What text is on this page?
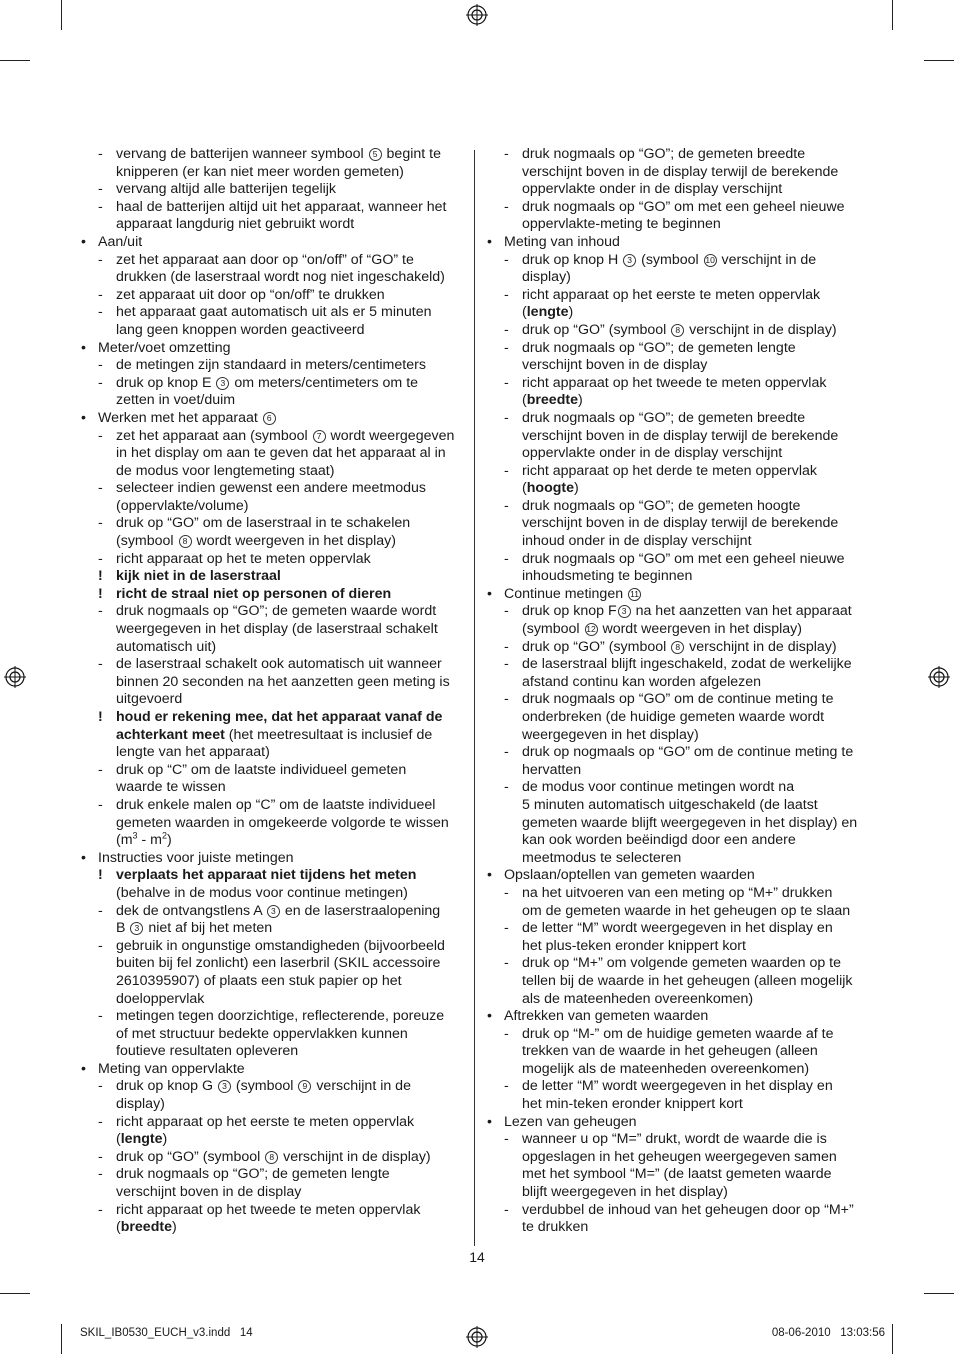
- vervang de batterijen wanneer symbool 5 begint te
knipperen (er kan niet meer worden gemeten)
- vervang altijd alle batterijen tegelijk
- haal de batterijen altijd uit het apparaat, wanneer het
apparaat langdurig niet gebruikt wordt
• Aan/uit
- zet het apparaat aan door op “on/off” of “GO” te
drukken (de laserstraal wordt nog niet ingeschakeld)
- zet apparaat uit door op “on/off” te drukken
- het apparaat gaat automatisch uit als er 5 minuten
lang geen knoppen worden geactiveerd
• Meter/voet omzetting
- de metingen zijn standaard in meters/centimeters
- druk op knop E 3 om meters/centimeters om te
zetten in voet/duim
• Werken met het apparaat 6
- zet het apparaat aan (symbool 7 wordt weergegeven
in het display om aan te geven dat het apparaat al in
de modus voor lengtemeting staat)
- selecteer indien gewenst een andere meetmodus
(oppervlakte/volume)
- druk op “GO” om de laserstraal in te schakelen
(symbool 8 wordt weergeven in het display)
- richt apparaat op het te meten oppervlak
! kijk niet in de laserstraal
! richt de straal niet op personen of dieren
- druk nogmaals op “GO”; de gemeten waarde wordt
weergegeven in het display (de laserstraal schakelt
automatisch uit)
- de laserstraal schakelt ook automatisch uit wanneer
binnen 20 seconden na het aanzetten geen meting is
uitgevoerd
! houd er rekening mee, dat het apparaat vanaf de
achterkant meet (het meetresultaat is inclusief de
lengte van het apparaat)
- druk op “C” om de laatste individueel gemeten
waarde te wissen
- druk enkele malen op “C” om de laatste individueel
gemeten waarden in omgekeerde volgorde te wissen
$(m^3 - m^2)$
• Instructies voor juiste metingen
! verplaats het apparaat niet tijdens het meten
(behalve in de modus voor continue metingen)
- dek de ontvangstlens A 3 en de laserstraalopening
B 3 niet af bij het meten
- gebruik in ongunstige omstandigheden (bijvoorbeeld
buiten bij fel zonlicht) een laserbril (SKIL accessoire
2610395907) of plaats een stuk papier op het
doeloppervlak
- metingen tegen doorzichtige, reflecterende, poreuze
of met structuur bedekte oppervlakken kunnen
foutieve resultaten opleveren
• Meting van oppervlakte
- druk op knop G 3 (symbool 9 verschijnt in de
display)
- richt apparaat op het eerste te meten oppervlak
(lengte)
- druk op “GO” (symbool 8 verschijnt in de display)
- druk nogmaals op “GO”; de gemeten lengte
verschijnt boven in de display
- richt apparaat op het tweede te meten oppervlak
(breedte)
- druk nogmaals op “GO”; de gemeten breedte
verschijnt boven in de display terwijl de berekende
oppervlakte onder in de display verschijnt
- druk nogmaals op “GO” om met een geheel nieuwe
oppervlakte-meting te beginnen
• Meting van inhoud
- druk op knop H 3 (symbool 10 verschijnt in de
display)
- richt apparaat op het eerste te meten oppervlak
(lengte)
- druk op “GO” (symbool 8 verschijnt in de display)
- druk nogmaals op “GO”; de gemeten lengte
verschijnt boven in de display
- richt apparaat op het tweede te meten oppervlak
(breedte)
- druk nogmaals op “GO”; de gemeten breedte
verschijnt boven in de display terwijl de berekende
oppervlakte onder in de display verschijnt
- richt apparaat op het derde te meten oppervlak
(hoogte)
- druk nogmaals op “GO”; de gemeten hoogte
verschijnt boven in de display terwijl de berekende
inhoud onder in de display verschijnt
- druk nogmaals op “GO” om met een geheel nieuwe
inhoudsmeting te beginnen
• Continue metingen 11
- druk op knop F 3 na het aanzetten van het apparaat
(symbool 12 wordt weergeven in het display)
- druk op “GO” (symbool 8 verschijnt in de display)
- de laserstraal blijft ingeschakeld, zodat de werkelijke
afstand continu kan worden afgelezen
- druk nogmaals op “GO” om de continue meting te
onderbreken (de huidige gemeten waarde wordt
weergegeven in het display)
- druk op nogmaals op “GO” om de continue meting te
hervatten
- de modus voor continue metingen wordt na
5 minuten automatisch uitgeschakeld (de laatst
gemeten waarde blijft weergegeven in het display) en
kan ook worden beëindigd door een andere
meetmodus te selecteren
• Opslaan/optellen van gemeten waarden
- na het uitvoeren van een meting op “M+” drukken
om de gemeten waarde in het geheugen op te slaan
- de letter “M” wordt weergegeven in het display en
het plus-teken eronder knippert kort
- druk op “M+” om volgende gemeten waarden op te
tellen bij de waarde in het geheugen (alleen mogelijk
als de mateenheden overeenkomen)
• Aftrekken van gemeten waarden
- druk op “M-” om de huidige gemeten waarde af te
trekken van de waarde in het geheugen (alleen
mogelijk als de mateenheden overeenkomen)
- de letter “M” wordt weergegeven in het display en
het min-teken eronder knippert kort
• Lezen van geheugen
- wanneer u op “M=” drukt, wordt de waarde die is
opgeslagen in het geheugen weergegeven samen
met het symbool “M=” (de laatst gemeten waarde
blijft weergegeven in het display)
- verdubbel de inhoud van het geheugen door op “M+”
te drukken
14
SKIL_IB0530_EUCH_v3.indd   14	08-06-2010   13:03:56
